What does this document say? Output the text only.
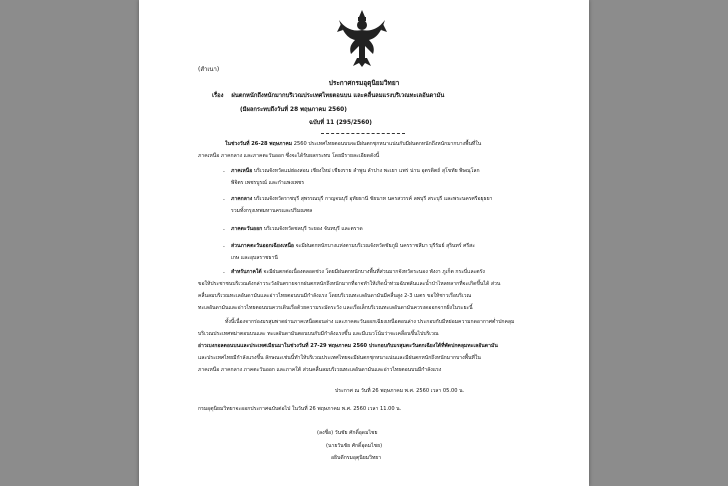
(สำเนา)
ประกาศกรมอุตุนิยมวิทยา
เรื่อง ฝนตกหนักถึงหนักมากบริเวณประเทศไทยตอนบน และคลื่นลมแรงบริเวณทะเลอันดามัน
(มีผลกระทบถึงวันที่ 28 พฤษภาคม 2560)
ฉบับที่ 11 (295/2560)
ในช่วงวันที่ 26-28 พฤษภาคม 2560 ประเทศไทยตอนบนจะมีฝนตกชุกหนาแน่นกับมีฝนตกหนักถึงหนักมากบางพื้นที่ใน
ภาคเหนือ ภาคกลาง และภาคตะวันออก ซึ่งจะได้รับผลกระทบ โดยมีรายละเอียดดังนี้
- ภาคเหนือ บริเวณจังหวัดแม่ฮ่องสอน เชียงใหม่ เชียงราย ลำพูน ลำปาง พะเยา แพร่ น่าน อุตรดิตถ์ สุโขทัย พิษณุโลก
พิจิตร เพชรบูรณ์ และกำแพงเพชร
- ภาคกลาง บริเวณจังหวัดราชบุรี สุพรรณบุรี กาญจนบุรี อุทัยธานี ชัยนาท นครสวรรค์ ลพบุรี สระบุรี และพระนครศรีอยุธยา
รวมทั้งกรุงเทพมหานครและปริมณฑล
- ภาคตะวันออก บริเวณจังหวัดชลบุรี ระยอง จันทบุรี และตราด
- ส่วนภาคตะวันออกเฉียงเหนือ จะมีฝนตกหนักบางแห่งตามบริเวณจังหวัดชัยภูมิ นครราชสีมา บุรีรัมย์ สุรินทร์ ศรีสะ
เกษ และอุบลราชธานี
- สำหรับภาคใต้ จะมีฝนตกต่อเนื่องตลอดช่วง โดยมีฝนตกหนักบางพื้นที่ส่วนมากจังหวัดระนอง พังงา ภูเก็ต กระบี่และตรัง
ขอให้ประชาชนบริเวณดังกล่าวระวังอันตรายจากฝนตกหนักถึงหนักมากที่อาจทำให้เกิดน้ำท่วมฉับพลันและน้ำป่าไหลหลากที่จะเกิดขึ้นได้ ส่วน
คลื่นลมบริเวณทะเลอันดามันและอ่าวไทยตอนบนมีกำลังแรง โดยบริเวณทะเลอันดามันมีคลื่นสูง 2-3 เมตร ขอให้ชาวเรือบริเวณ
ทะเลอันดามันและอ่าวไทยตอนบนควรเดินเรือด้วยความระมัดระวัง และเรือเล็กบริเวณทะเลอันดามันควรงดออกจากฝั่งในระยะนี้
ทั้งนี้เนื่องจากร่องมรสุมพาดผ่านภาคเหนือตอนล่าง และภาคตะวันออกเฉียงเหนือตอนล่าง ประกอบกับมีหย่อมความกดอากาศต่ำปกคลุม
บริเวณประเทศพม่าตอนบนและ ทะเลอันดามันตอนบนกับมีกำลังแรงขึ้น และมีแนวโน้มว่าจะเคลื่อนขึ้นไปบริเวณ
อ่าวเบงกอลตอนบนและประเทศเมียนมาในช่วงวันที่ 27-29 พฤษภาคม 2560 ประกอบกับมรสุมตะวันตกเฉียงใต้ที่พัดปกคลุมทะเลอันดามัน
และประเทศไทยมีกำลังแรงขึ้น ลักษณะเช่นนี้ทำให้บริเวณประเทศไทยจะมีฝนตกชุกหนาแน่นและมีฝนตกหนักถึงหนักมากบางพื้นที่ใน
ภาคเหนือ ภาคกลาง ภาคตะวันออก และภาคใต้ ส่วนคลื่นลมบริเวณทะเลอันดามันและอ่าวไทยตอนบนมีกำลังแรง
ประกาศ ณ วันที่ 26 พฤษภาคม พ.ศ. 2560 เวลา 05.00 น.
กรมอุตุนิยมวิทยาจะออกประกาศฉบับต่อไป ในวันที่ 26 พฤษภาคม พ.ศ. 2560 เวลา 11.00 น.
(ลงชื่อ) วันชัย ศักดิ์อุดมไชย
(นายวันชัย ศักดิ์อุดมไชย)
อธิบดีกรมอุตุนิยมวิทยา
